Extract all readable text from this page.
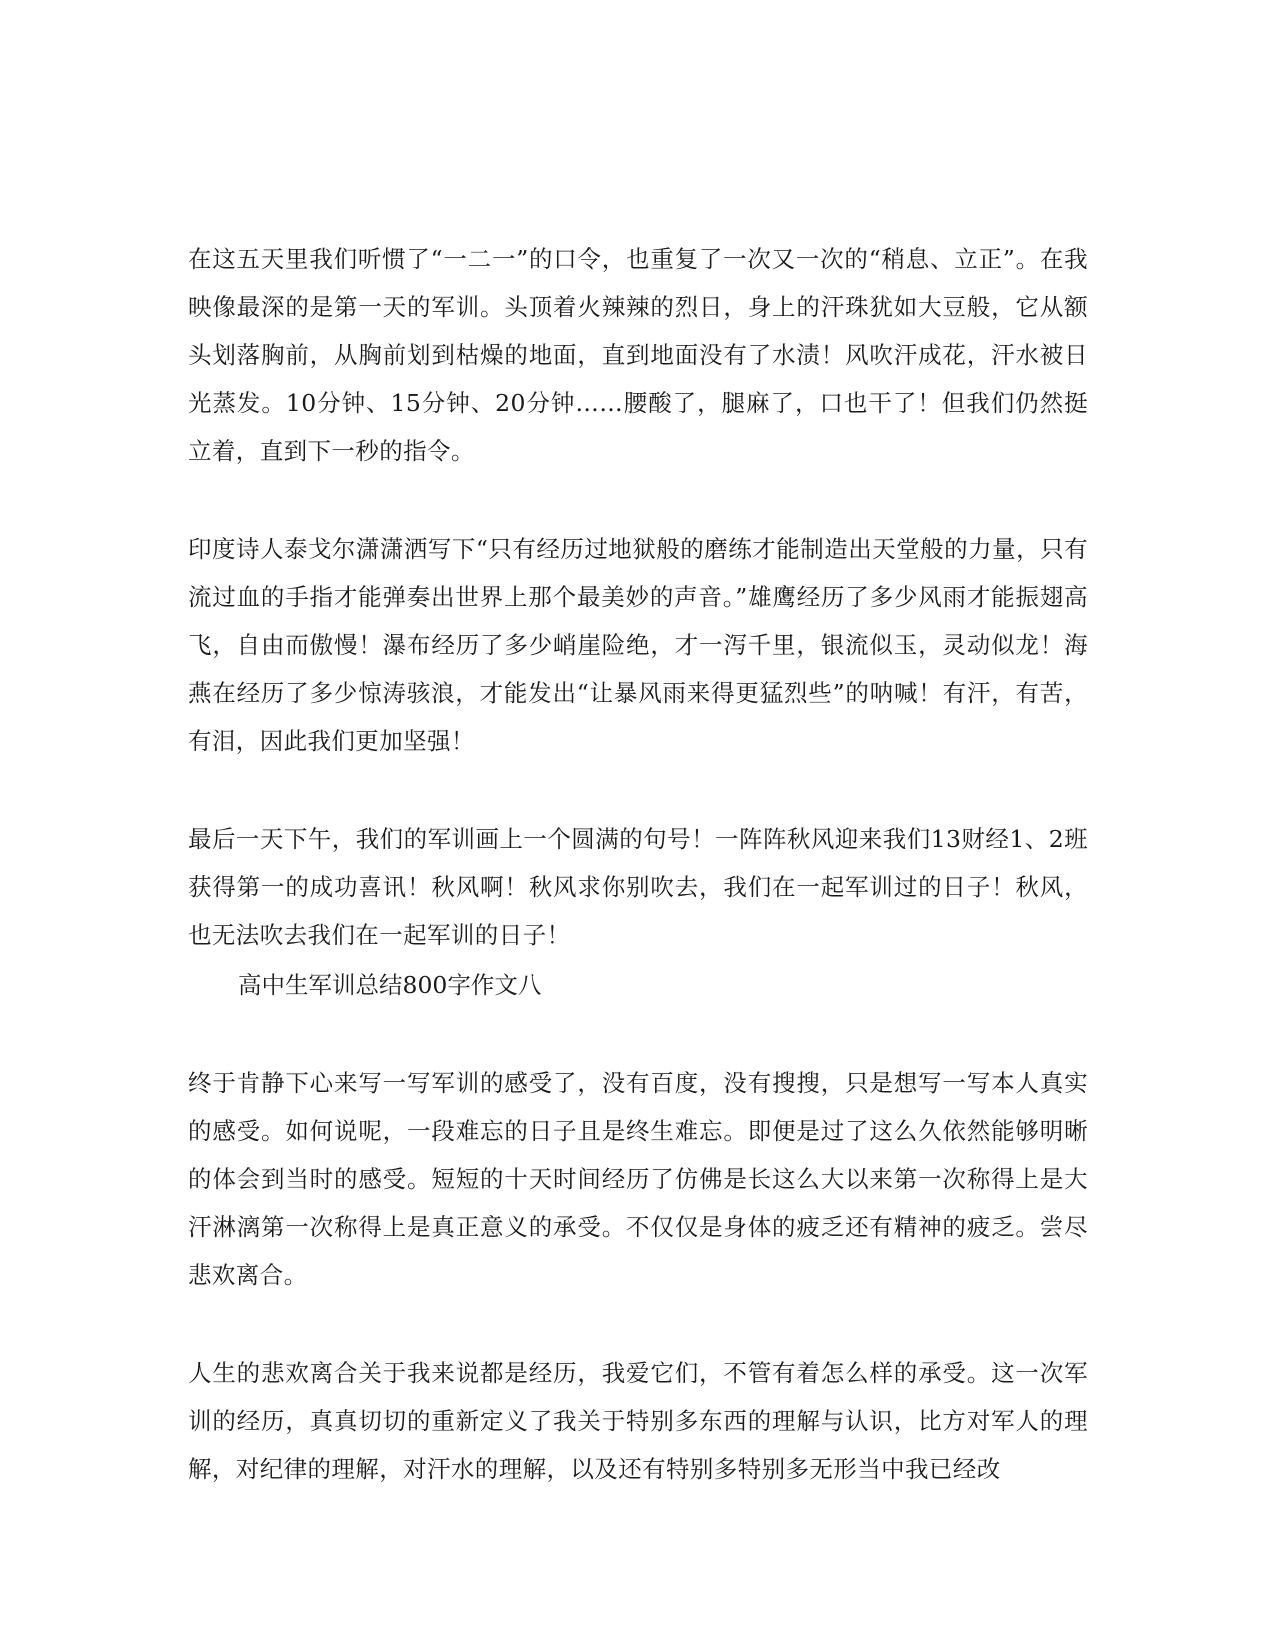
在这五天里我们听惯了“一二一”的口令，也重复了一次又一次的“稍息、立正”。在我映像最深的是第一天的军训。头顶着火辣辣的烈日，身上的汗珠犹如大豆般，它从额头划落胸前，从胸前划到枯燥的地面，直到地面没有了水渍！风吹汗成花，汗水被日光蒸发。10分钟、15分钟、20分钟……腰酸了，腿麻了，口也干了！但我们仍然挺立着，直到下一秒的指令。

印度诗人泰戈尔潇潇洒写下“只有经历过地狱般的磨练才能制造出天堂般的力量，只有流过血的手指才能弹奏出世界上那个最美妙的声音。”雄鹰经历了多少风雨才能振翅高飞，自由而傲慢！瀑布经历了多少峭崖险绝，才一泻千里，银流似玉，灵动似龙！海燕在经历了多少惊涛骇浪，才能发出“让暴风雨来得更猛烈些”的呐喊！有汗，有苦，有泪，因此我们更加坚强！

最后一天下午，我们的军训画上一个圆满的句号！一阵阵秋风迎来我们13财经1、2班获得第一的成功喜讯！秋风啊！秋风求你别吹去，我们在一起军训过的日子！秋风，也无法吹去我们在一起军训的日子！

高中生军训总结800字作文八

终于肯静下心来写一写军训的感受了，没有百度，没有搜搜，只是想写一写本人真实的感受。如何说呢，一段难忘的日子且是终生难忘。即便是过了这么久依然能够明晰的体会到当时的感受。短短的十天时间经历了仿佛是长这么大以来第一次称得上是大汗淋漓第一次称得上是真正意义的承受。不仅仅是身体的疲乏还有精神的疲乏。尝尽悲欢离合。

人生的悲欢离合关于我来说都是经历，我爱它们，不管有着怎么样的承受。这一次军训的经历，真真切切的重新定义了我关于特别多东西的理解与认识，比方对军人的理解，对纪律的理解，对汗水的理解，以及还有特别多特别多无形当中我已经改
